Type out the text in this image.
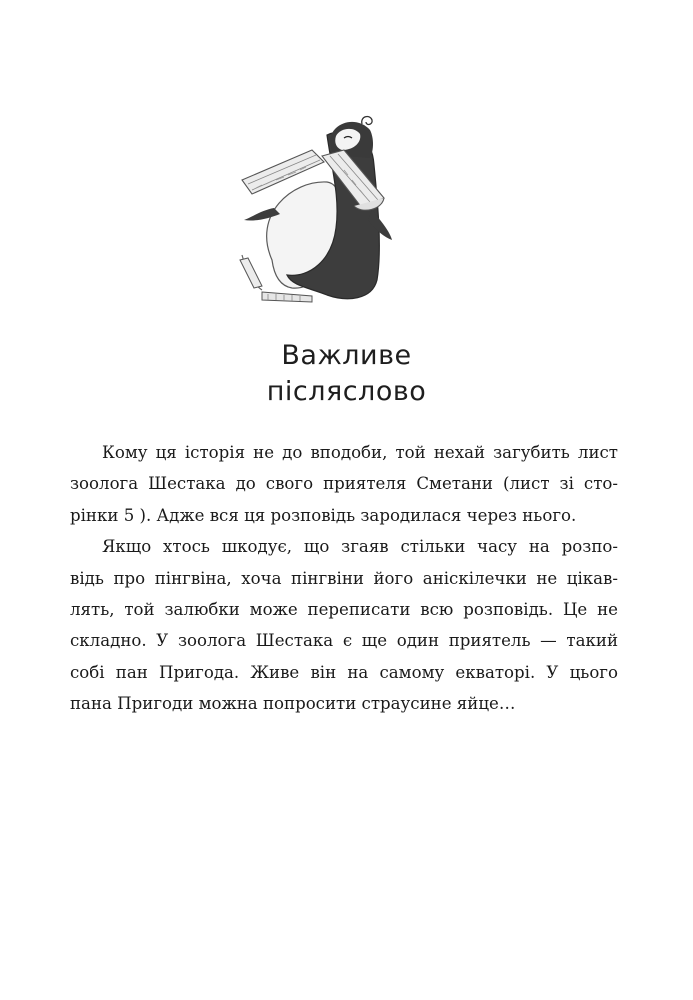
Важливе
післяслово
Кому ця історія не до вподоби, той нехай загубить лист
зоолога Шестака до свого приятеля Сметани (лист зі сто-
рінки 5 ). Адже вся ця розповідь зародилася через нього.
Якщо хтось шкодує, що згаяв стільки часу на розпо-
відь про пінгвіна, хоча пінгвіни його аніскілечки не цікав-
лять, той залюбки може переписати всю розповідь. Це не
складно. У зоолога Шестака є ще один приятель — такий
собі пан Пригода. Живе він на самому екваторі. У цього
пана Пригоди можна попросити страусине яйце…
